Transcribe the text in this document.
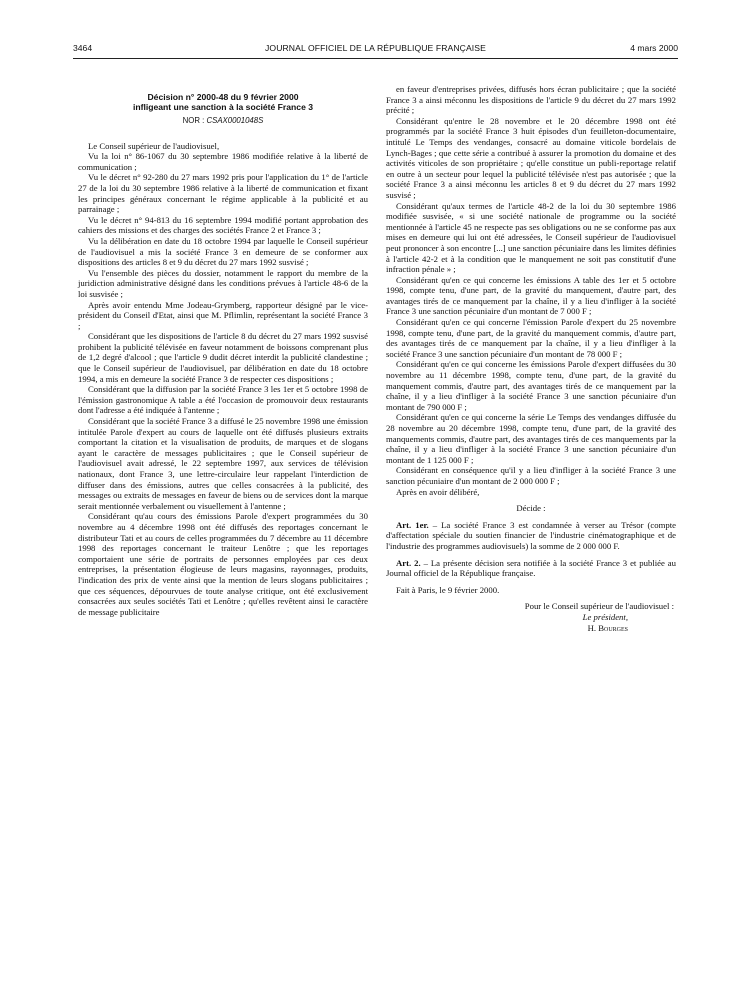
3464	JOURNAL OFFICIEL DE LA RÉPUBLIQUE FRANÇAISE	4 mars 2000
Décision n° 2000-48 du 9 février 2000
infligeant une sanction à la société France 3
NOR : CSAX0001048S

Le Conseil supérieur de l'audiovisuel,

Vu la loi n° 86-1067 du 30 septembre 1986 modifiée relative à la liberté de communication ;

Vu le décret n° 92-280 du 27 mars 1992 pris pour l'application du 1° de l'article 27 de la loi du 30 septembre 1986 relative à la liberté de communication et fixant les principes généraux concernant le régime applicable à la publicité et au parrainage ;

Vu le décret n° 94-813 du 16 septembre 1994 modifié portant approbation des cahiers des missions et des charges des sociétés France 2 et France 3 ;

Vu la délibération en date du 18 octobre 1994 par laquelle le Conseil supérieur de l'audiovisuel a mis la société France 3 en demeure de se conformer aux dispositions des articles 8 et 9 du décret du 27 mars 1992 susvisé ;

Vu l'ensemble des pièces du dossier, notamment le rapport du membre de la juridiction administrative désigné dans les conditions prévues à l'article 48-6 de la loi susvisée ;

Après avoir entendu Mme Jodeau-Grymberg, rapporteur désigné par le vice-président du Conseil d'Etat, ainsi que M. Pflimlin, représentant la société France 3 ;

Considérant que les dispositions de l'article 8 du décret du 27 mars 1992 susvisé prohibent la publicité télévisée en faveur notamment de boissons comprenant plus de 1,2 degré d'alcool ; que l'article 9 dudit décret interdit la publicité clandestine ; que le Conseil supérieur de l'audiovisuel, par délibération en date du 18 octobre 1994, a mis en demeure la société France 3 de respecter ces dispositions ;

Considérant que la diffusion par la société France 3 les 1er et 5 octobre 1998 de l'émission gastronomique A table a été l'occasion de promouvoir deux restaurants dont l'adresse a été indiquée à l'antenne ;

Considérant que la société France 3 a diffusé le 25 novembre 1998 une émission intitulée Parole d'expert au cours de laquelle ont été diffusés plusieurs extraits comportant la citation et la visualisation de produits, de marques et de slogans ayant le caractère de messages publicitaires ; que le Conseil supérieur de l'audiovisuel avait adressé, le 22 septembre 1997, aux services de télévision nationaux, dont France 3, une lettre-circulaire leur rappelant l'interdiction de diffuser dans des émissions, autres que celles consacrées à la publicité, des messages ou extraits de messages en faveur de biens ou de services dont la marque serait mentionnée verbalement ou visuellement à l'antenne ;

Considérant qu'au cours des émissions Parole d'expert programmées du 30 novembre au 4 décembre 1998 ont été diffusés des reportages concernant le distributeur Tati et au cours de celles programmées du 7 décembre au 11 décembre 1998 des reportages concernant le traiteur Lenôtre ; que les reportages comportaient une série de portraits de personnes employées par ces deux entreprises, la présentation élogieuse de leurs magasins, rayonnages, produits, l'indication des prix de vente ainsi que la mention de leurs slogans publicitaires ; que ces séquences, dépourvues de toute analyse critique, ont été exclusivement consacrées aux seules sociétés Tati et Lenôtre ; qu'elles revêtent ainsi le caractère de message publicitaire

en faveur d'entreprises privées, diffusés hors écran publicitaire ; que la société France 3 a ainsi méconnu les dispositions de l'article 9 du décret du 27 mars 1992 précité ;

Considérant qu'entre le 28 novembre et le 20 décembre 1998 ont été programmés par la société France 3 huit épisodes d'un feuilleton-documentaire, intitulé Le Temps des vendanges, consacré au domaine viticole bordelais de Lynch-Bages ; que cette série a contribué à assurer la promotion du domaine et des activités viticoles de son propriétaire ; qu'elle constitue un publi-reportage relatif en outre à un secteur pour lequel la publicité télévisée n'est pas autorisée ; que la société France 3 a ainsi méconnu les articles 8 et 9 du décret du 27 mars 1992 susvisé ;

Considérant qu'aux termes de l'article 48-2 de la loi du 30 septembre 1986 modifiée susvisée, « si une société nationale de programme ou la société mentionnée à l'article 45 ne respecte pas ses obligations ou ne se conforme pas aux mises en demeure qui lui ont été adressées, le Conseil supérieur de l'audiovisuel peut prononcer à son encontre [...] une sanction pécuniaire dans les limites définies à l'article 42-2 et à la condition que le manquement ne soit pas constitutif d'une infraction pénale » ;

Considérant qu'en ce qui concerne les émissions A table des 1er et 5 octobre 1998, compte tenu, d'une part, de la gravité du manquement, d'autre part, des avantages tirés de ce manquement par la chaîne, il y a lieu d'infliger à la société France 3 une sanction pécuniaire d'un montant de 7 000 F ;

Considérant qu'en ce qui concerne l'émission Parole d'expert du 25 novembre 1998, compte tenu, d'une part, de la gravité du manquement commis, d'autre part, des avantages tirés de ce manquement par la chaîne, il y a lieu d'infliger à la société France 3 une sanction pécuniaire d'un montant de 78 000 F ;

Considérant qu'en ce qui concerne les émissions Parole d'expert diffusées du 30 novembre au 11 décembre 1998, compte tenu, d'une part, de la gravité du manquement commis, d'autre part, des avantages tirés de ce manquement par la chaîne, il y a lieu d'infliger à la société France 3 une sanction pécuniaire d'un montant de 790 000 F ;

Considérant qu'en ce qui concerne la série Le Temps des vendanges diffusée du 28 novembre au 20 décembre 1998, compte tenu, d'une part, de la gravité des manquements commis, d'autre part, des avantages tirés de ces manquements par la chaîne, il y a lieu d'infliger à la société France 3 une sanction pécuniaire d'un montant de 1 125 000 F ;

Considérant en conséquence qu'il y a lieu d'infliger à la société France 3 une sanction pécuniaire d'un montant de 2 000 000 F ;

Après en avoir délibéré,

Décide :

Art. 1er. – La société France 3 est condamnée à verser au Trésor (compte d'affectation spéciale du soutien financier de l'industrie cinématographique et de l'industrie des programmes audiovisuels) la somme de 2 000 000 F.

Art. 2. – La présente décision sera notifiée à la société France 3 et publiée au Journal officiel de la République française.

Fait à Paris, le 9 février 2000.

Pour le Conseil supérieur de l'audiovisuel :
Le président,
H. Bourges
